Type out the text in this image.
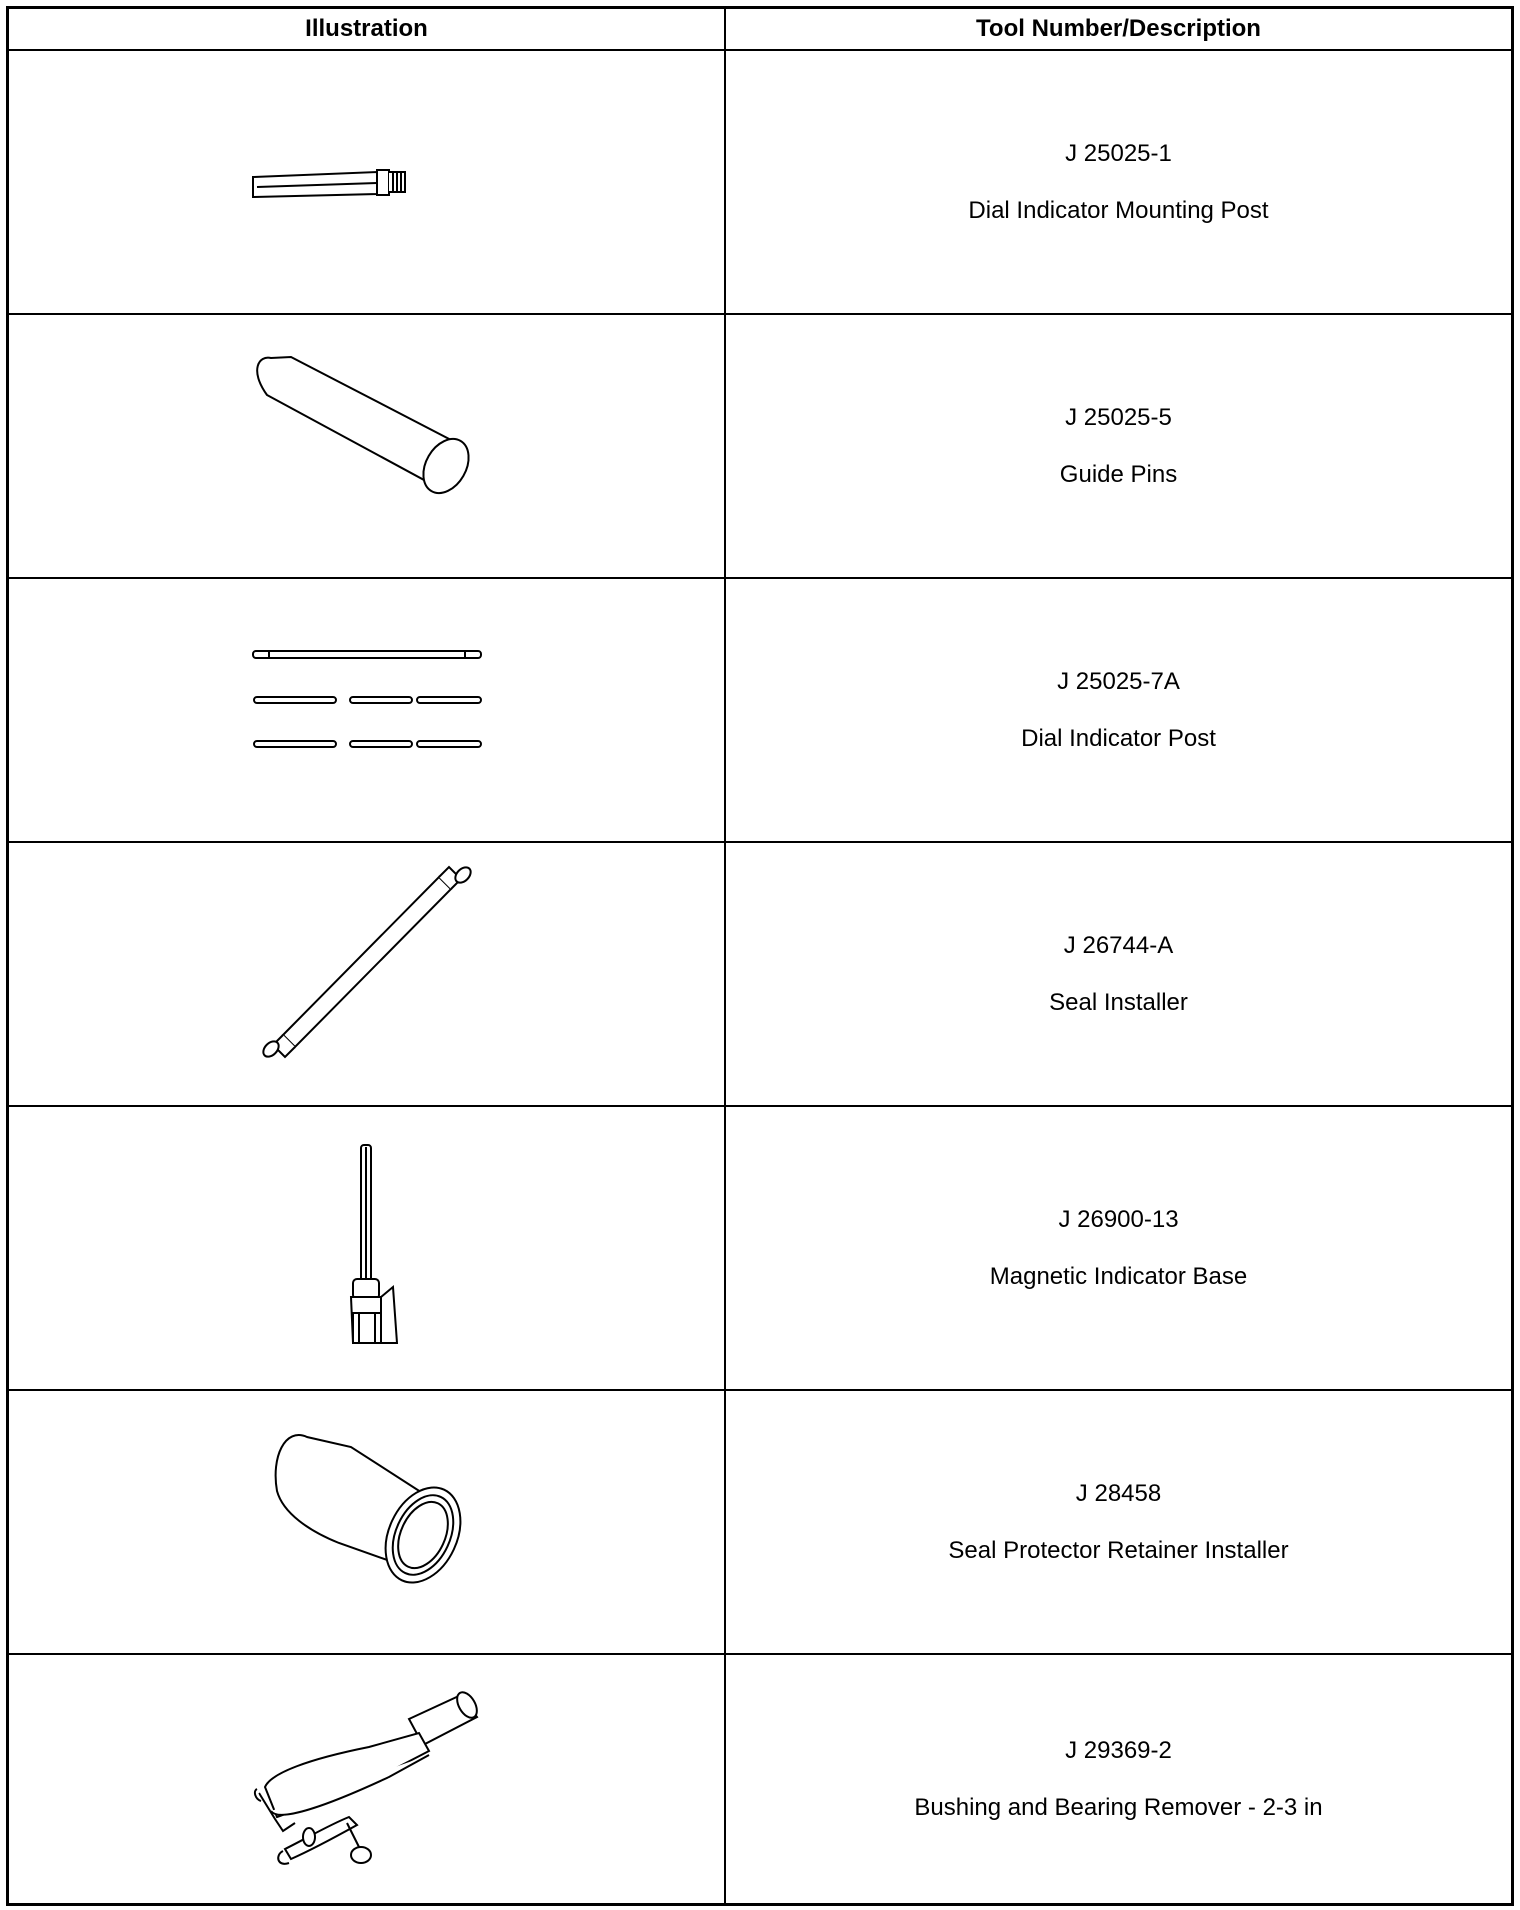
Illustration	Tool Number/Description
J 25025-1
Dial Indicator Mounting Post
J 25025-5
Guide Pins
J 25025-7A
Dial Indicator Post
J 26744-A
Seal Installer
J 26900-13
Magnetic Indicator Base
J 28458
Seal Protector Retainer Installer
J 29369-2
Bushing and Bearing Remover - 2-3 in
